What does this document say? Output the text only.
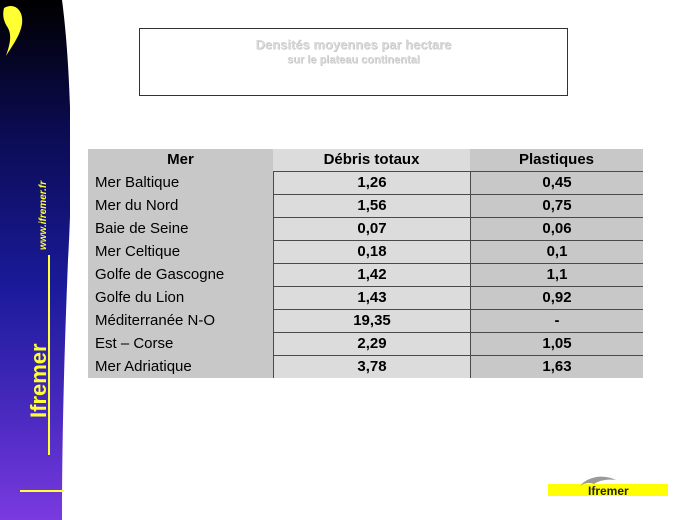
www.ifremer.fr
Ifremer
Densités moyennes par hectare
sur le plateau continental
Mer	Débris totaux	Plastiques
Mer Baltique	1,26	0,45
Mer du Nord	1,56	0,75
Baie de Seine	0,07	0,06
Mer Celtique	0,18	0,1
Golfe de Gascogne	1,42	1,1
Golfe du Lion	1,43	0,92
Méditerranée N-O	19,35	-
Est – Corse	2,29	1,05
Mer Adriatique	3,78	1,63
Ifremer
